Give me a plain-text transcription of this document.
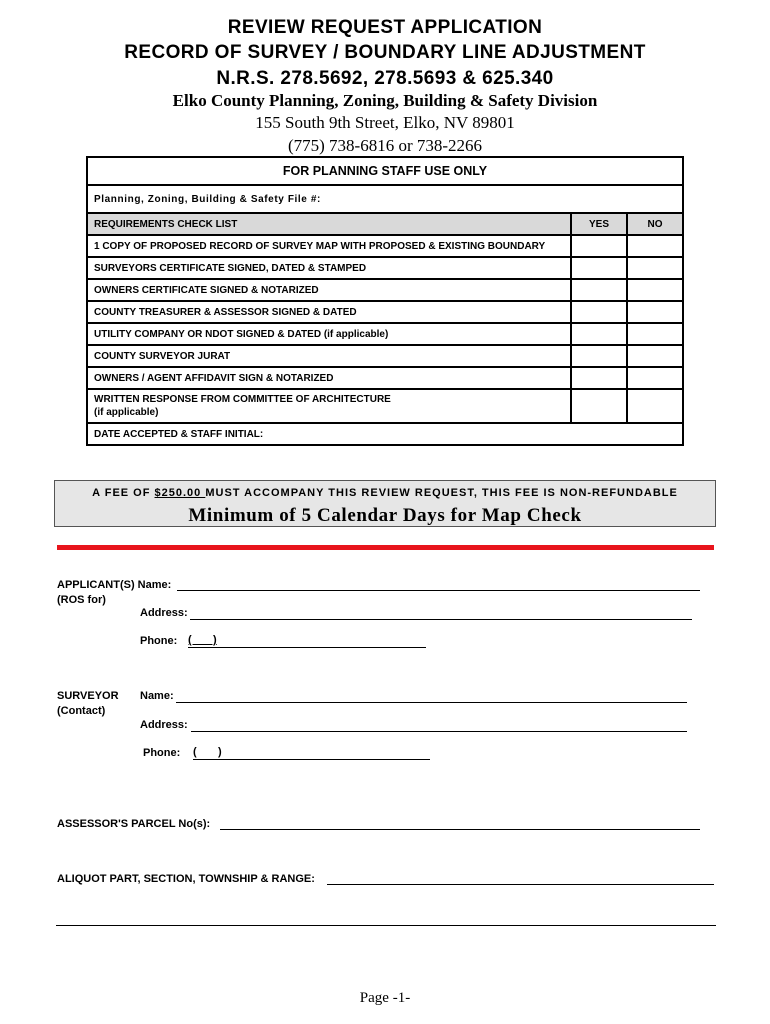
REVIEW REQUEST APPLICATION
RECORD OF SURVEY / BOUNDARY LINE ADJUSTMENT
N.R.S. 278.5692, 278.5693 & 625.340
Elko County Planning, Zoning, Building & Safety Division
155 South 9th Street, Elko, NV 89801
(775) 738-6816 or 738-2266
FOR PLANNING STAFF USE ONLY		
Planning, Zoning, Building & Safety File #:		
REQUIREMENTS CHECK LIST	YES	NO
1 COPY OF PROPOSED RECORD OF SURVEY MAP WITH PROPOSED & EXISTING BOUNDARY		
SURVEYORS CERTIFICATE SIGNED, DATED & STAMPED		
OWNERS CERTIFICATE SIGNED & NOTARIZED		
COUNTY TREASURER & ASSESSOR SIGNED & DATED		
UTILITY COMPANY OR NDOT SIGNED & DATED (if applicable)		
COUNTY SURVEYOR JURAT		
OWNERS / AGENT AFFIDAVIT SIGN & NOTARIZED		

WRITTEN RESPONSE FROM COMMITTEE OF ARCHITECTURE
(if applicable)		

DATE ACCEPTED & STAFF INITIAL:		
A FEE OF $250.00 MUST ACCOMPANY THIS REVIEW REQUEST, THIS FEE IS NON-REFUNDABLE
Minimum of 5 Calendar Days for Map Check
APPLICANT(S) Name:
(ROS for)
Address:
Phone: (       )
SURVEYOR
(Contact)
Name:
Address:
Phone: (       )
ASSESSOR'S PARCEL No(s):
ALIQUOT PART, SECTION, TOWNSHIP & RANGE:
Page -1-
